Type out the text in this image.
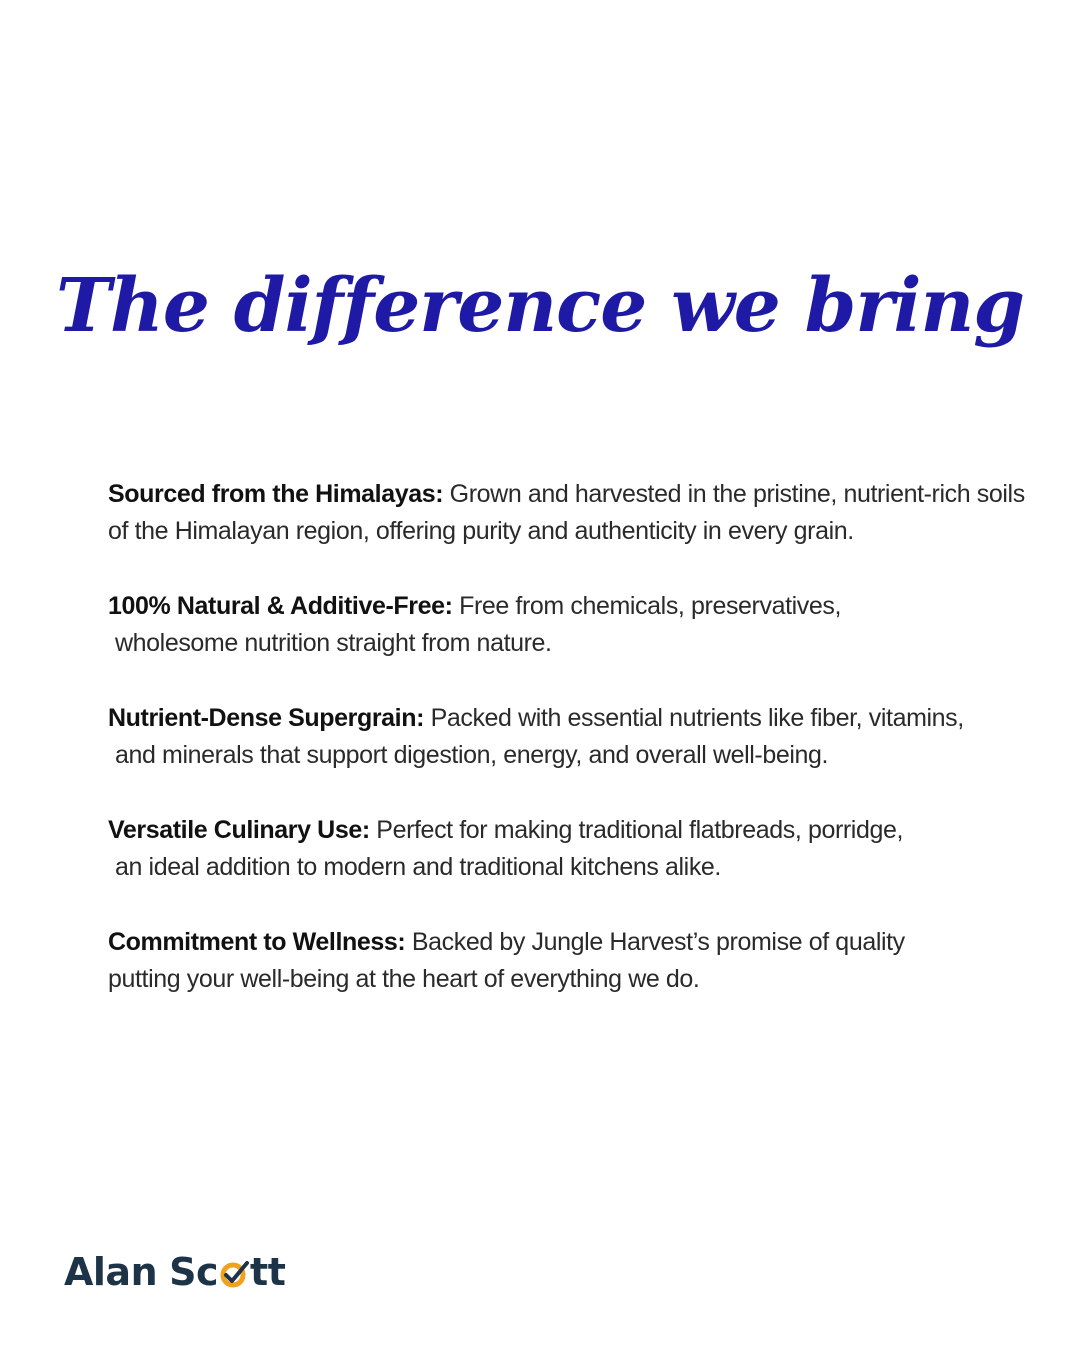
The difference we bring
Sourced from the Himalayas: Grown and harvested in the pristine, nutrient-rich soils
of the Himalayan region, offering purity and authenticity in every grain.
100% Natural & Additive-Free: Free from chemicals, preservatives,
wholesome nutrition straight from nature.
Nutrient-Dense Supergrain: Packed with essential nutrients like fiber, vitamins,
and minerals that support digestion, energy, and overall well-being.
Versatile Culinary Use: Perfect for making traditional flatbreads, porridge,
an ideal addition to modern and traditional kitchens alike.
Commitment to Wellness: Backed by Jungle Harvest’s promise of quality
putting your well-being at the heart of everything we do.
Alan Sc tt
